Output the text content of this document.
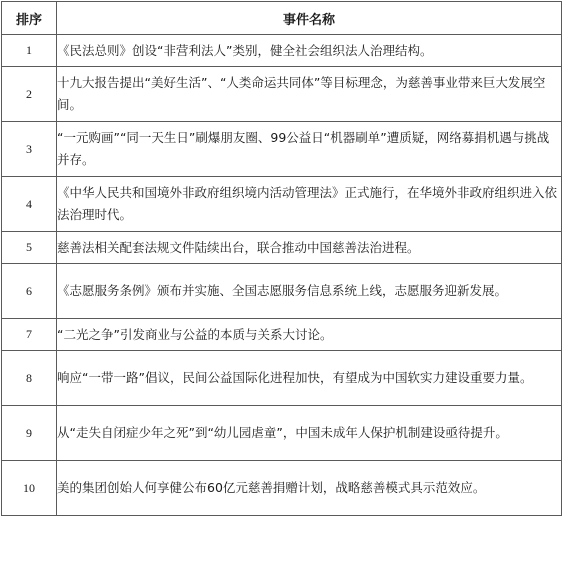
排序	事件名称
1	《民法总则》创设“非营利法人”类别，健全社会组织法人治理结构。
2	十九大报告提出“美好生活”、“人类命运共同体”等目标理念，为慈善事业带来巨大发展空间。
3	“一元购画”“同一天生日”刷爆朋友圈、99公益日“机器刷单”遭质疑，网络募捐机遇与挑战并存。
4	《中华人民共和国境外非政府组织境内活动管理法》正式施行，在华境外非政府组织进入依法治理时代。
5	慈善法相关配套法规文件陆续出台，联合推动中国慈善法治进程。
6	《志愿服务条例》颁布并实施、全国志愿服务信息系统上线，志愿服务迎新发展。
7	“二光之争”引发商业与公益的本质与关系大讨论。
8	响应“一带一路”倡议，民间公益国际化进程加快，有望成为中国软实力建设重要力量。
9	从“走失自闭症少年之死”到“幼儿园虐童”，中国未成年人保护机制建设亟待提升。
10	美的集团创始人何享健公布60亿元慈善捐赠计划，战略慈善模式具示范效应。
